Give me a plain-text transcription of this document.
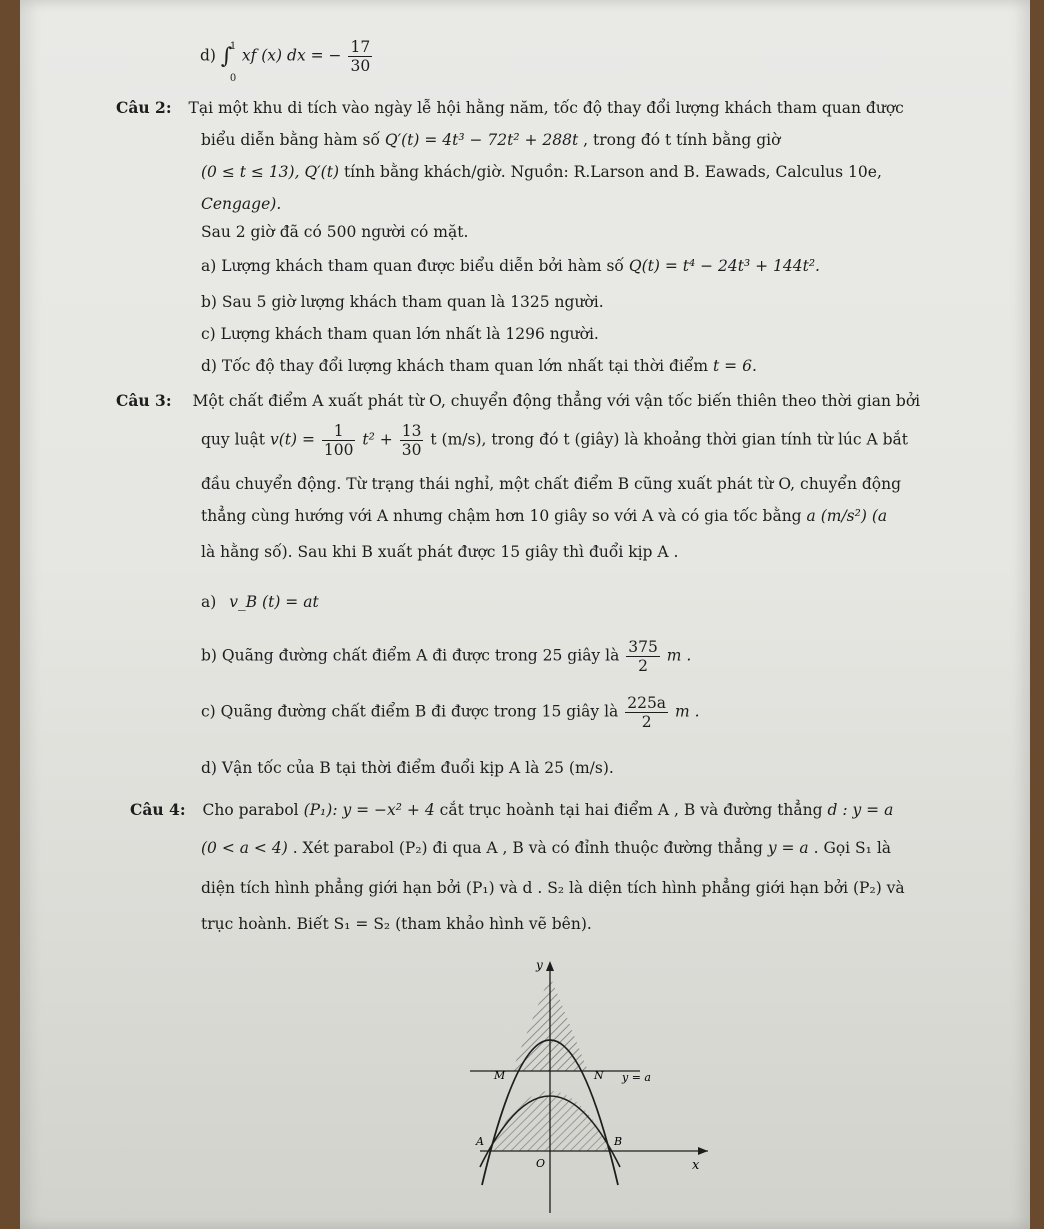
d) ∫
1
0
xf (x) dx = − $\frac{17}{30}$
Câu 2: Tại một khu di tích vào ngày lễ hội hằng năm, tốc độ thay đổi lượng khách tham quan được
biểu diễn bằng hàm số Q′(t) = 4t³ − 72t² + 288t , trong đó t tính bằng giờ
(0 ≤ t ≤ 13), Q′(t) tính bằng khách/giờ. Nguồn: R.Larson and B. Eawads, Calculus 10e,
Cengage).
Sau 2 giờ đã có 500 người có mặt.
a) Lượng khách tham quan được biểu diễn bởi hàm số Q(t) = t⁴ − 24t³ + 144t².
b) Sau 5 giờ lượng khách tham quan là 1325 người.
c) Lượng khách tham quan lớn nhất là 1296 người.
d) Tốc độ thay đổi lượng khách tham quan lớn nhất tại thời điểm t = 6.
Câu 3: Một chất điểm A xuất phát từ O, chuyển động thẳng với vận tốc biến thiên theo thời gian bởi
quy luật $v(t) = \frac{1}{100} t^2 + \frac{13}{30}$ t (m/s), trong đó t (giây) là khoảng thời gian tính từ lúc A bắt
đầu chuyển động. Từ trạng thái nghỉ, một chất điểm B cũng xuất phát từ O, chuyển động
thẳng cùng hướng với A nhưng chậm hơn 10 giây so với A và có gia tốc bằng a (m/s²) (a
là hằng số). Sau khi B xuất phát được 15 giây thì đuổi kịp A .
a) v_B (t) = at
b) Quãng đường chất điểm A đi được trong 25 giây là $\frac{375}{2}$ m .
c) Quãng đường chất điểm B đi được trong 15 giây là $\frac{225a}{2}$ m .
d) Vận tốc của B tại thời điểm đuổi kịp A là 25 (m/s).
Câu 4: Cho parabol (P₁): y = −x² + 4 cắt trục hoành tại hai điểm A , B và đường thẳng d : y = a
(0 < a < 4) . Xét parabol (P₂) đi qua A , B và có đỉnh thuộc đường thẳng y = a . Gọi S₁ là
diện tích hình phẳng giới hạn bởi (P₁) và d . S₂ là diện tích hình phẳng giới hạn bởi (P₂) và
trục hoành. Biết S₁ = S₂ (tham khảo hình vẽ bên).
y
x
O
M	N y = a
A	B
